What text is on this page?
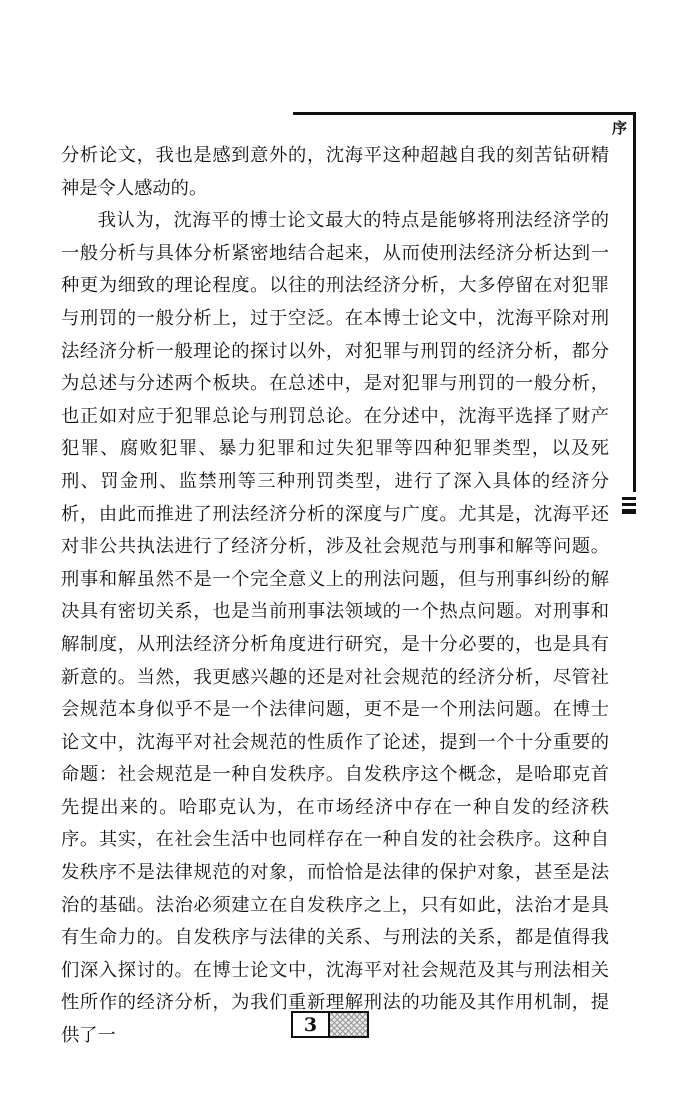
序

分析论文，我也是感到意外的，沈海平这种超越自我的刻苦钻研精神是令人感动的。

我认为，沈海平的博士论文最大的特点是能够将刑法经济学的一般分析与具体分析紧密地结合起来，从而使刑法经济分析达到一种更为细致的理论程度。以往的刑法经济分析，大多停留在对犯罪与刑罚的一般分析上，过于空泛。在本博士论文中，沈海平除对刑法经济分析一般理论的探讨以外，对犯罪与刑罚的经济分析，都分为总述与分述两个板块。在总述中，是对犯罪与刑罚的一般分析，也正如对应于犯罪总论与刑罚总论。在分述中，沈海平选择了财产犯罪、腐败犯罪、暴力犯罪和过失犯罪等四种犯罪类型，以及死刑、罚金刑、监禁刑等三种刑罚类型，进行了深入具体的经济分析，由此而推进了刑法经济分析的深度与广度。尤其是，沈海平还对非公共执法进行了经济分析，涉及社会规范与刑事和解等问题。刑事和解虽然不是一个完全意义上的刑法问题，但与刑事纠纷的解决具有密切关系，也是当前刑事法领域的一个热点问题。对刑事和解制度，从刑法经济分析角度进行研究，是十分必要的，也是具有新意的。当然，我更感兴趣的还是对社会规范的经济分析，尽管社会规范本身似乎不是一个法律问题，更不是一个刑法问题。在博士论文中，沈海平对社会规范的性质作了论述，提到一个十分重要的命题：社会规范是一种自发秩序。自发秩序这个概念，是哈耶克首先提出来的。哈耶克认为，在市场经济中存在一种自发的经济秩序。其实，在社会生活中也同样存在一种自发的社会秩序。这种自发秩序不是法律规范的对象，而恰恰是法律的保护对象，甚至是法治的基础。法治必须建立在自发秩序之上，只有如此，法治才是具有生命力的。自发秩序与法律的关系、与刑法的关系，都是值得我们深入探讨的。在博士论文中，沈海平对社会规范及其与刑法相关性所作的经济分析，为我们重新理解刑法的功能及其作用机制，提供了一

3
